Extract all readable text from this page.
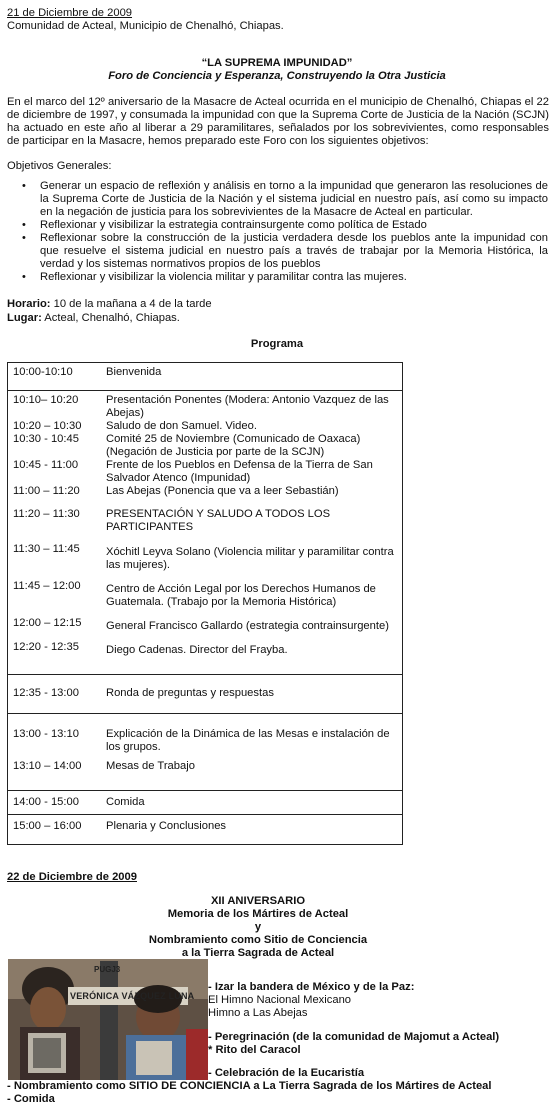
21 de Diciembre de 2009
Comunidad de Acteal, Municipio de Chenalhó, Chiapas.
“LA SUPREMA IMPUNIDAD”
Foro de Conciencia y Esperanza, Construyendo la Otra Justicia
En el marco del 12º aniversario de la Masacre de Acteal ocurrida en el municipio de Chenalhó, Chiapas el 22 de diciembre de 1997, y consumada la impunidad con que la Suprema Corte de Justicia de la Nación (SCJN) ha actuado en este año al liberar a 29 paramilitares, señalados por los sobrevivientes, como responsables de participar en la Masacre, hemos preparado este Foro con los siguientes objetivos:
Objetivos Generales:
• Generar un espacio de reflexión y análisis en torno a la impunidad que generaron las resoluciones de la Suprema Corte de Justicia de la Nación y el sistema judicial en nuestro país, así como su impacto en la negación de justicia para los sobrevivientes de la Masacre de Acteal en particular.
• Reflexionar y visibilizar la estrategia contrainsurgente como política de Estado
• Reflexionar sobre la construcción de la justicia verdadera desde los pueblos ante la impunidad con que resuelve el sistema judicial en nuestro país a través de trabajar por la Memoria Histórica, la verdad y los sistemas normativos propios de los pueblos
• Reflexionar y visibilizar la violencia militar y paramilitar contra las mujeres.
Horario: 10 de la mañana a 4 de la tarde
Lugar: Acteal, Chenalhó, Chiapas.
Programa
10:00-10:10	Bienvenida

10:10– 10:20	Presentación Ponentes (Modera: Antonio Vazquez de las Abejas)
10:20 – 10:30	Saludo de don Samuel. Video.
10:30 - 10:45	Comité 25 de Noviembre (Comunicado de Oaxaca) (Negación de Justicia por parte de la SCJN)
10:45 - 11:00	Frente de los Pueblos en Defensa de la Tierra de San Salvador Atenco (Impunidad)
11:00 – 11:20	Las Abejas (Ponencia que va a leer Sebastián)
11:20 – 11:30	PRESENTACIÓN Y SALUDO A TODOS LOS PARTICIPANTES
11:30 – 11:45	Xóchitl Leyva Solano (Violencia militar y paramilitar contra las mujeres).
11:45 – 12:00	Centro de Acción Legal por los Derechos Humanos de Guatemala. (Trabajo por la Memoria Histórica)
12:00 – 12:15	General Francisco Gallardo (estrategia contrainsurgente)
12:20 - 12:35	Diego Cadenas. Director del Frayba.

12:35 - 13:00	Ronda de preguntas y respuestas

13:00 - 13:10	Explicación de la Dinámica de las Mesas e instalación de los grupos.
13:10 – 14:00	Mesas de Trabajo

14:00 - 15:00	Comida

15:00 – 16:00	Plenaria y Conclusiones
22 de Diciembre de 2009
XII ANIVERSARIO
Memoria de los Mártires de Acteal
y
Nombramiento como Sitio de Conciencia
a la Tierra Sagrada de Acteal
PUGJ3
VERÓNICA VÁZQUEZ LUNA
- Izar la bandera de México y de la Paz:
El Himno Nacional Mexicano
Himno a Las Abejas
- Peregrinación (de la comunidad de Majomut a Acteal)
* Rito del Caracol
- Celebración de la Eucaristía
- Nombramiento como SITIO DE CONCIENCIA a La Tierra Sagrada de los Mártires de Acteal
- Comida
